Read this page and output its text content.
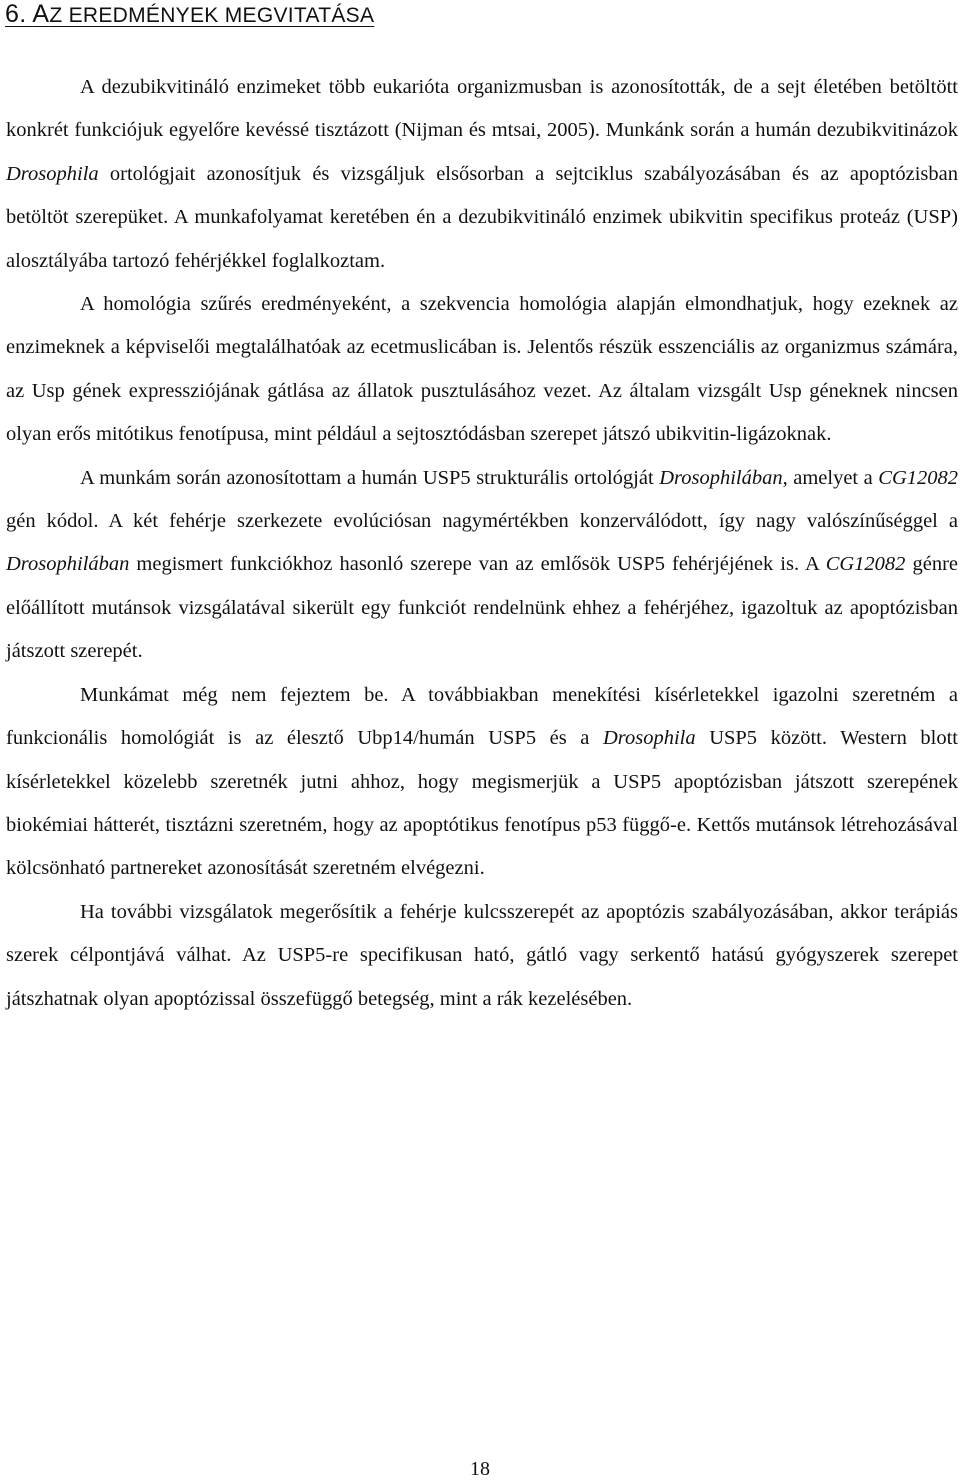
6. AZ EREDMÉNYEK MEGVITATÁSA

A dezubikvitináló enzimeket több eukarióta organizmusban is azonosították, de a sejt életében betöltött konkrét funkciójuk egyelőre kevéssé tisztázott (Nijman és mtsai, 2005). Munkánk során a humán dezubikvitinázok Drosophila ortológjait azonosítjuk és vizsgáljuk elsősorban a sejtciklus szabályozásában és az apoptózisban betöltöt szerepüket. A munkafolyamat keretében én a dezubikvitináló enzimek ubikvitin specifikus proteáz (USP) alosztályába tartozó fehérjékkel foglalkoztam.

A homológia szűrés eredményeként, a szekvencia homológia alapján elmondhatjuk, hogy ezeknek az enzimeknek a képviselői megtalálhatóak az ecetmuslicában is. Jelentős részük esszenciális az organizmus számára, az Usp gének expressziójának gátlása az állatok pusztulásához vezet. Az általam vizsgált Usp géneknek nincsen olyan erős mitótikus fenotípusa, mint például a sejtosztódásban szerepet játszó ubikvitin-ligázoknak.

A munkám során azonosítottam a humán USP5 strukturális ortológját Drosophilában, amelyet a CG12082 gén kódol. A két fehérje szerkezete evolúciósan nagymértékben konzerválódott, így nagy valószínűséggel a Drosophilában megismert funkciókhoz hasonló szerepe van az emlősök USP5 fehérjéjének is. A CG12082 génre előállított mutánsok vizsgálatával sikerült egy funkciót rendelnünk ehhez a fehérjéhez, igazoltuk az apoptózisban játszott szerepét.

Munkámat még nem fejeztem be. A továbbiakban menekítési kísérletekkel igazolni szeretném a funkcionális homológiát is az élesztő Ubp14/humán USP5 és a Drosophila USP5 között. Western blott kísérletekkel közelebb szeretnék jutni ahhoz, hogy megismerjük a USP5 apoptózisban játszott szerepének biokémiai hátterét, tisztázni szeretném, hogy az apoptótikus fenotípus p53 függő-e. Kettős mutánsok létrehozásával kölcsönható partnereket azonosítását szeretném elvégezni.

Ha további vizsgálatok megerősítik a fehérje kulcsszerepét az apoptózis szabályozásában, akkor terápiás szerek célpontjává válhat. Az USP5-re specifikusan ható, gátló vagy serkentő hatású gyógyszerek szerepet játszhatnak olyan apoptózissal összefüggő betegség, mint a rák kezelésében.

18
